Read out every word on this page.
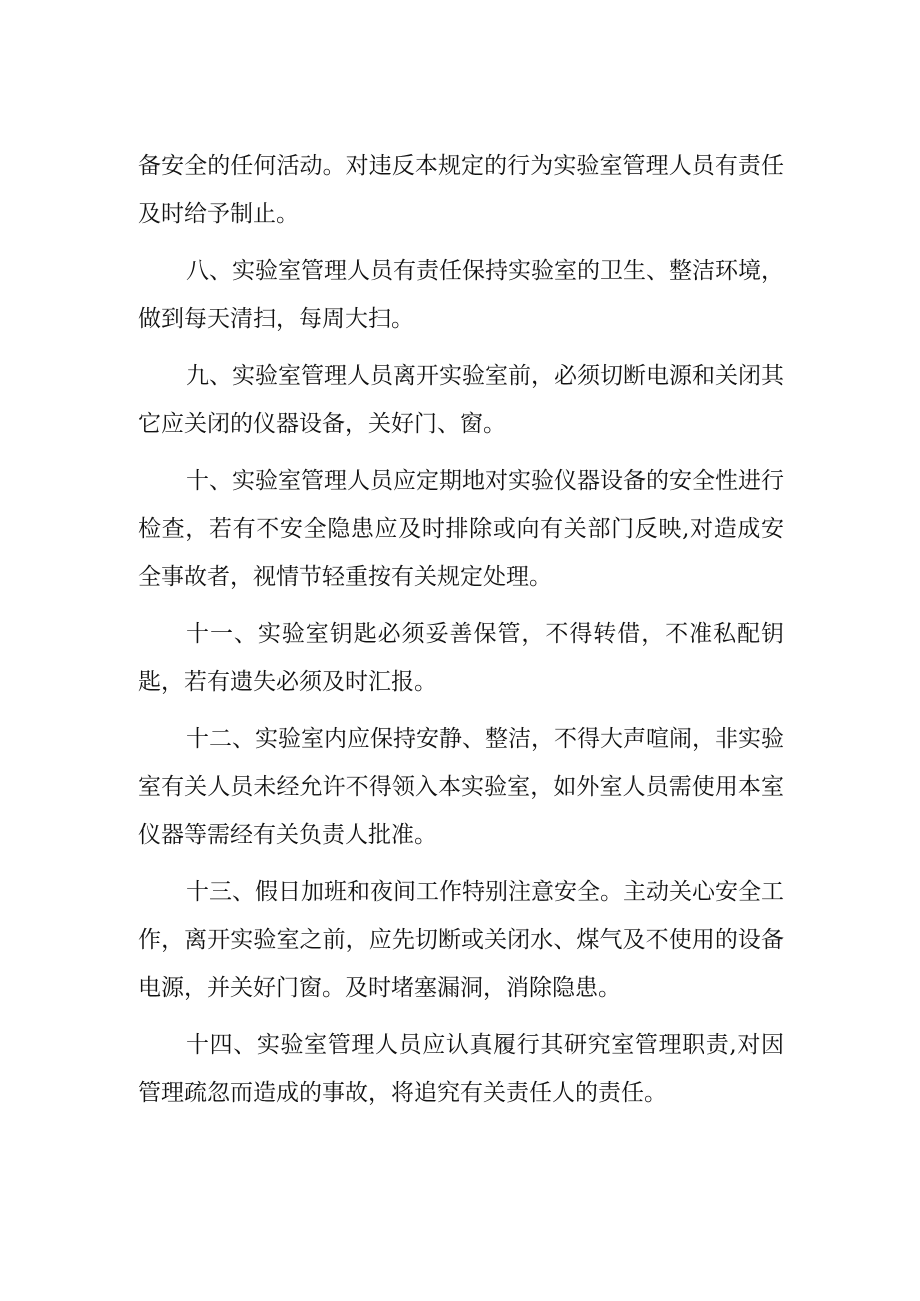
备安全的任何活动。对违反本规定的行为实验室管理人员有责任及时给予制止。

八、实验室管理人员有责任保持实验室的卫生、整洁环境，做到每天清扫，每周大扫。

九、实验室管理人员离开实验室前，必须切断电源和关闭其它应关闭的仪器设备，关好门、窗。

十、实验室管理人员应定期地对实验仪器设备的安全性进行检查，若有不安全隐患应及时排除或向有关部门反映,对造成安全事故者，视情节轻重按有关规定处理。

十一、实验室钥匙必须妥善保管，不得转借，不准私配钥匙，若有遗失必须及时汇报。

十二、实验室内应保持安静、整洁，不得大声喧闹，非实验室有关人员未经允许不得领入本实验室，如外室人员需使用本室仪器等需经有关负责人批准。

十三、假日加班和夜间工作特别注意安全。主动关心安全工作，离开实验室之前，应先切断或关闭水、煤气及不使用的设备电源，并关好门窗。及时堵塞漏洞，消除隐患。

十四、实验室管理人员应认真履行其研究室管理职责,对因管理疏忽而造成的事故，将追究有关责任人的责任。
